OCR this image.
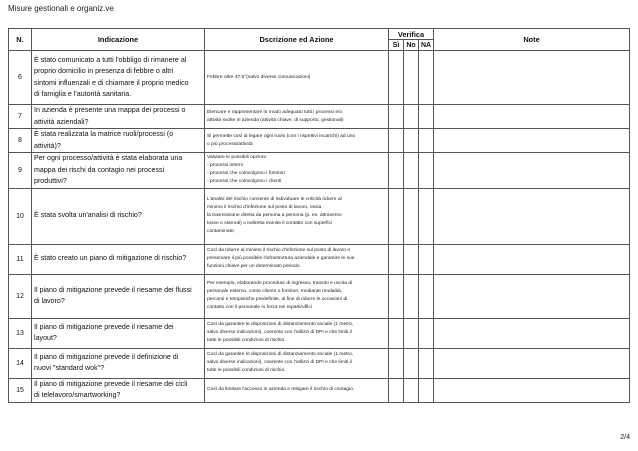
Misure gestionali e organiz.ve
N.	Indicazione	Dscrizione ed Azione	Verifica			Note
			Sì	No	NA	
6	È stato comunicato a tutti l'obbligo di rimanere al
proprio domicilio in presenza di febbre o altri
sintomi influenzali e di chiamare il proprio medico
di famiglia e l'autorità sanitaria.	Febbre oltre 37.5°(salvo diverse comunicazioni)				

7	In azienda è presente una mappa dei processi o
attività aziendali?	Elencare e rappresentare in modo adeguato tutti i processi e/o
attività svolte in azienda (attività chiave, di supporto, gestionali)				

8	È stata realizzata la matrice ruoli/processi (o
attività)?	Si permette così di legare ogni ruolo (con i rispettivi incarichi) ad uno
o più processi/attività				

9	Per ogni processo/attività è stata elaborata una
mappa dei rischi da contagio nei processi
produttivi?	Valutare le possibili opzioni:
- processi interni
- processi che coinvolgono i fornitori
- processi che coinvolgono i clienti				

10	È stata svolta un'analisi di rischio?	L'analisi del rischio consente di individuare le criticità ridurre al
minimo il rischio d'infezione sul posto di lavoro, ossia
la trasmissione diretta da persona a persona (p. es. attraverso
tosse o starnuti) o indiretta tramite il contatto con superfici
contaminate;				

11	È stato creato un piano di mitigazione di rischio?	Così da ridurre al minimo il rischio d'infezione sul posto di lavoro e
preservare il più possibile l'infrastruttura aziendale e garantire le sue
funzioni chiave per un determinato periodo.				

12	Il piano di mitigazione prevede il riesame dei flussi
di lavoro?	Per esempio, elaborando procedure di ingresso, transito e uscita di
personale esterno, come cliento o fornitori, mediante modalità,
percorsi e tempistiche predefinite, al fine di ridurre le occasioni di
contatto con il personale in forza nei reparti/uffici				

13	Il piano di mitigazione prevede il riesame dei
layout?	Così da garantire le disposizioni di distanziamento sociale (1 metro,
salvo diverse indicazioni), coerente con l'utilizzi di DPI e che limiti il
tutte le possibili condizioni di rischio.				

14	Il piano di mitigazione prevede il definizione di
nuovi "standard wok"?	Così da garantire le disposizioni di distanziamento sociale (1 metro,
salvo diverse indicazioni), coerente con l'utilizzi di DPI e che limiti il
tutte le possibili condizioni di rischio.				

15	Il piano di mitigazione prevede il riesame dei cicli
di telelavoro/smartworking?	Così da limitare l'accesso in azienda e mitigare il rischio di contagio.				

2/4
